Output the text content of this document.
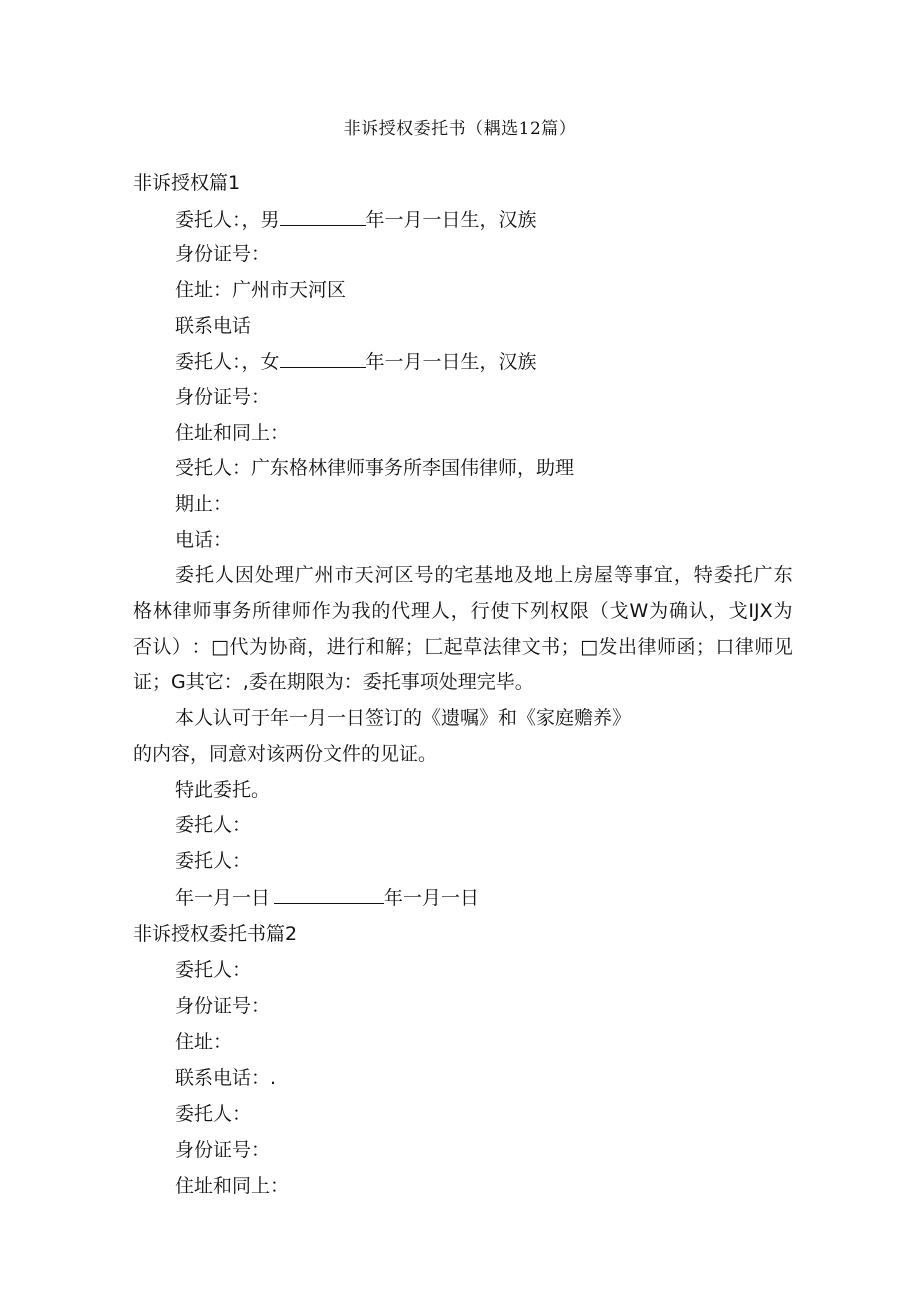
非诉授权委托书（耦选12篇）
非诉授权篇1
委托人：，男	年一月一日生，汉族
身份证号：
住址：广州市天河区
联系电话
委托人：，女	年一月一日生，汉族
身份证号：
住址和同上：
受托人：广东格林律师事务所李国伟律师，助理
期止：
电话：
委 托 人 因 处 理 广 州 市 天 河 区 号 的 宅 基 地 及 地 上 房 屋 等 事 宜 ， 特 委 托 广 东
格 林 律 师 事 务 所 律 师 作 为 我 的 代 理 人 ， 行 使 下 列 权 限 （ 戈 W 为 确 认 ， 戈 IJX 为
否 认 ） ： □ 代 为 协 商 ， 进 行 和 解 ； 匚 起 草 法 律 文 书 ； □ 发 出 律 师 函 ； 口 律 师 见
证；G其它：,委在期限为：委托事项处理完毕。
本人认可于年一月一日签订的《遗嘱》和《家庭赡养》
的内容，同意对该两份文件的见证。
特此委托。
委托人：
委托人：
年一月一日	年一月一日
非诉授权委托书篇2
委托人：
身份证号：
住址：
联系电话：.
委托人：
身份证号：
住址和同上：
